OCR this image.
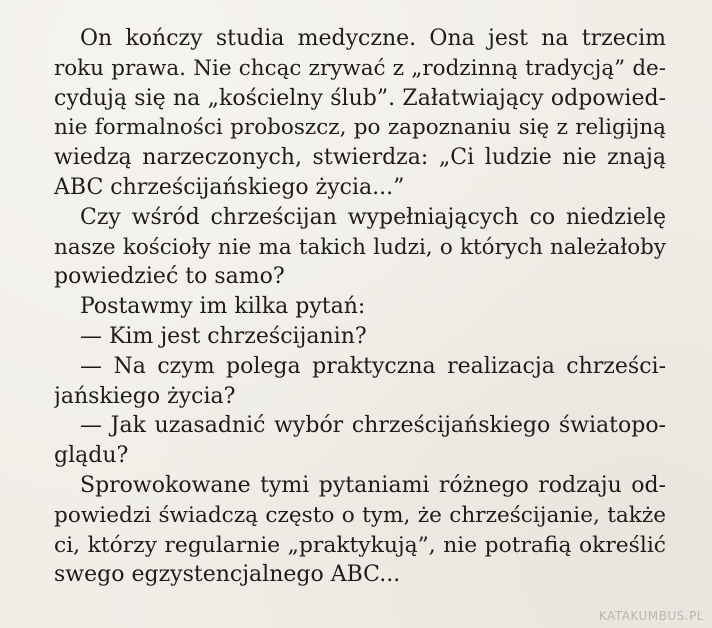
On kończy studia medyczne. Ona jest na trzecim
roku prawa. Nie chcąc zrywać z „rodzinną tradycją” de-
cydują się na „kościelny ślub”. Załatwiający odpowied-
nie formalności proboszcz, po zapoznaniu się z religijną
wiedzą narzeczonych, stwierdza: „Ci ludzie nie znają
ABC chrześcijańskiego życia...”
Czy wśród chrześcijan wypełniających co niedzielę
nasze kościoły nie ma takich ludzi, o których należałoby
powiedzieć to samo?
Postawmy im kilka pytań:
— Kim jest chrześcijanin?
— Na czym polega praktyczna realizacja chrześci-
jańskiego życia?
— Jak uzasadnić wybór chrześcijańskiego światopo-
glądu?
Sprowokowane tymi pytaniami różnego rodzaju od-
powiedzi świadczą często o tym, że chrześcijanie, także
ci, którzy regularnie „praktykują”, nie potrafią określić
swego egzystencjalnego ABC...
KATAKUMBUS.PL
